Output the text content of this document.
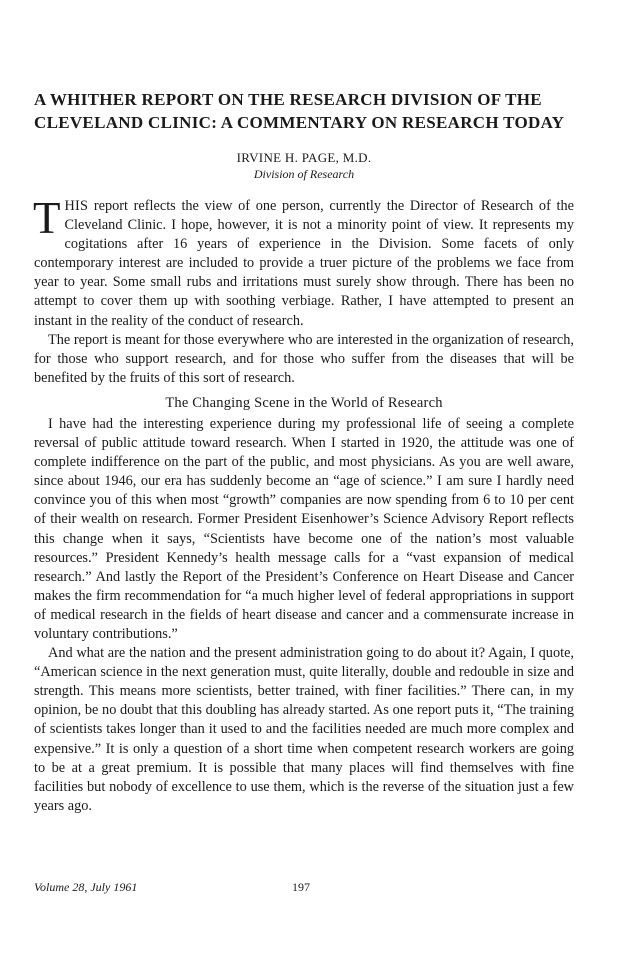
A WHITHER REPORT ON THE RESEARCH DIVISION OF THE CLEVELAND CLINIC: A COMMENTARY ON RESEARCH TODAY
IRVINE H. PAGE, M.D.
Division of Research

THIS report reflects the view of one person, currently the Director of Research of the Cleveland Clinic. I hope, however, it is not a minority point of view. It represents my cogitations after 16 years of experience in the Division. Some facets of only contemporary interest are included to provide a truer picture of the problems we face from year to year. Some small rubs and irritations must surely show through. There has been no attempt to cover them up with soothing verbiage. Rather, I have attempted to present an instant in the reality of the conduct of research.

The report is meant for those everywhere who are interested in the organization of research, for those who support research, and for those who suffer from the diseases that will be benefited by the fruits of this sort of research.

The Changing Scene in the World of Research

I have had the interesting experience during my professional life of seeing a complete reversal of public attitude toward research. When I started in 1920, the attitude was one of complete indifference on the part of the public, and most physicians. As you are well aware, since about 1946, our era has suddenly become an “age of science.” I am sure I hardly need convince you of this when most “growth” companies are now spending from 6 to 10 per cent of their wealth on research. Former President Eisenhower’s Science Advisory Report reflects this change when it says, “Scientists have become one of the nation’s most valuable resources.” President Kennedy’s health message calls for a “vast expansion of medical research.” And lastly the Report of the President’s Conference on Heart Disease and Cancer makes the firm recommendation for “a much higher level of federal appropriations in support of medical research in the fields of heart disease and cancer and a commensurate increase in voluntary contributions.”

And what are the nation and the present administration going to do about it? Again, I quote, “American science in the next generation must, quite literally, double and redouble in size and strength. This means more scientists, better trained, with finer facilities.” There can, in my opinion, be no doubt that this doubling has already started. As one report puts it, “The training of scientists takes longer than it used to and the facilities needed are much more complex and expensive.” It is only a question of a short time when competent research workers are going to be at a great premium. It is possible that many places will find themselves with fine facilities but nobody of excellence to use them, which is the reverse of the situation just a few years ago.

Volume 28, July 1961	197
